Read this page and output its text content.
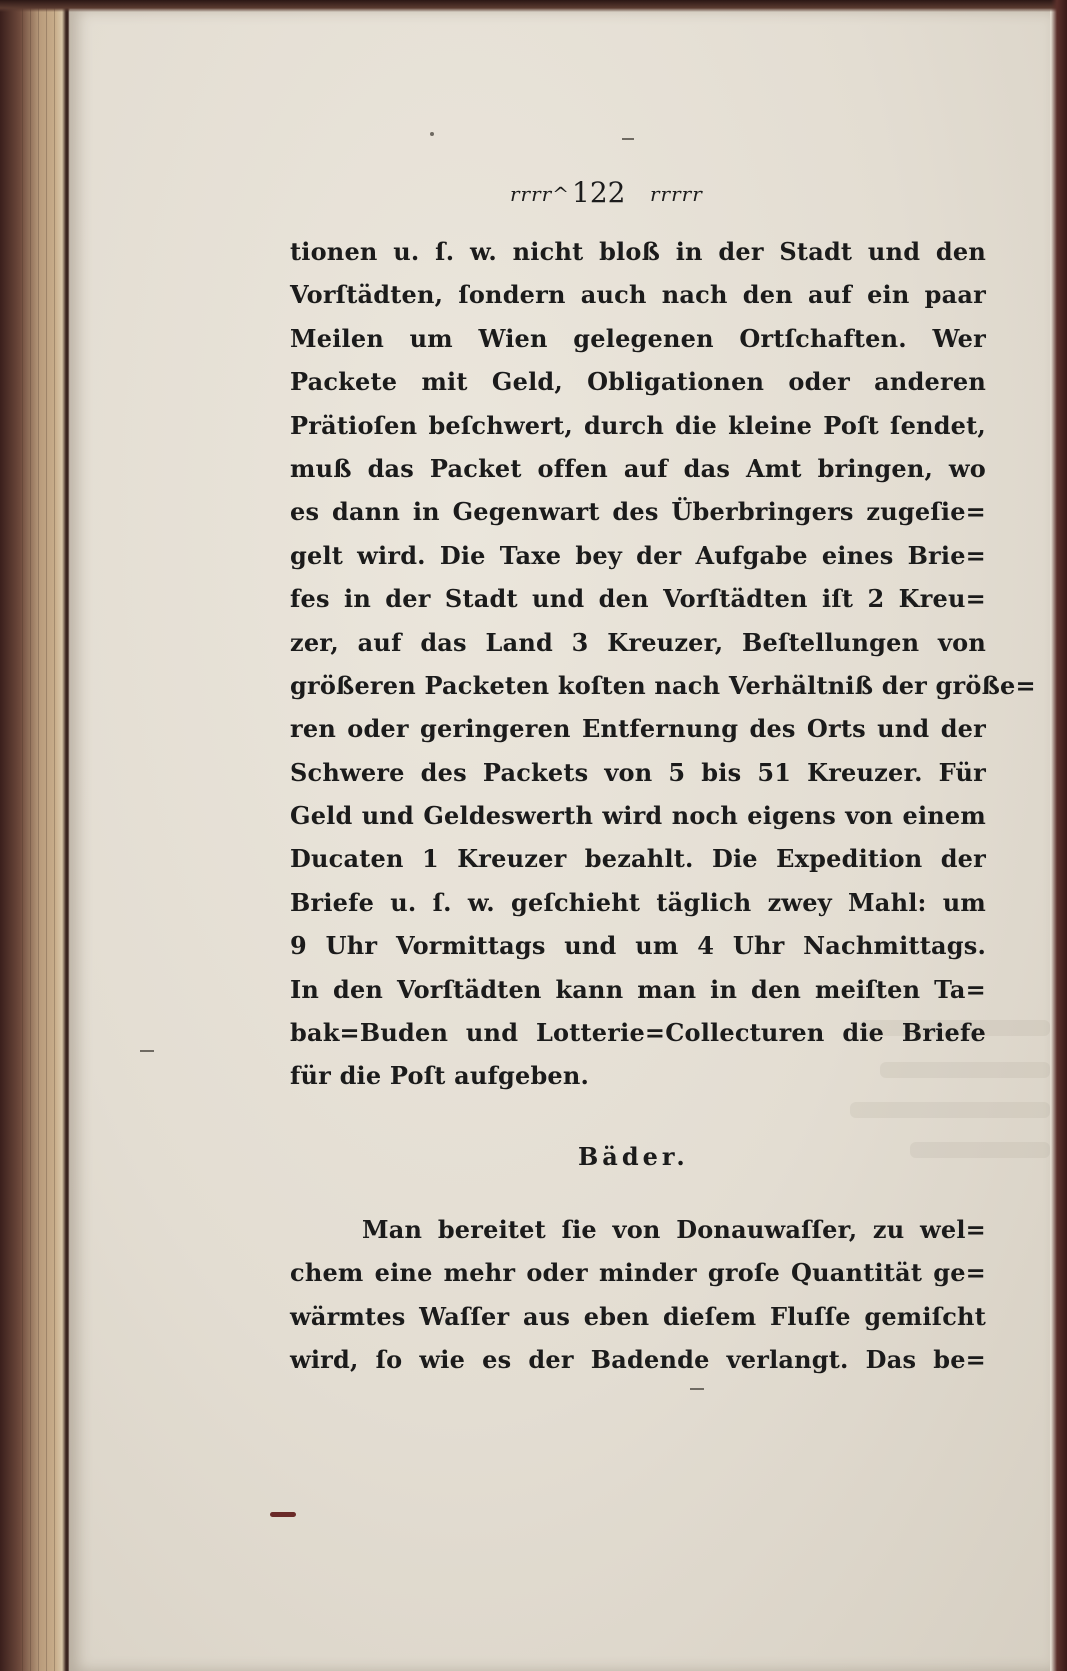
rrrr^ 122 rrrrr
tionen u. ſ. w. nicht bloß in der Stadt und den
Vorſtädten, ſondern auch nach den auf ein paar
Meilen um Wien gelegenen Ortſchaften. Wer
Packete mit Geld, Obligationen oder anderen
Prätioſen beſchwert, durch die kleine Poſt ſendet,
muß das Packet offen auf das Amt bringen, wo
es dann in Gegenwart des Überbringers zugeſie=
gelt wird. Die Taxe bey der Aufgabe eines Brie=
fes in der Stadt und den Vorſtädten iſt 2 Kreu=
zer, auf das Land 3 Kreuzer, Beſtellungen von
größeren Packeten koſten nach Verhältniß der größe=
ren oder geringeren Entfernung des Orts und der
Schwere des Packets von 5 bis 51 Kreuzer. Für
Geld und Geldeswerth wird noch eigens von einem
Ducaten 1 Kreuzer bezahlt. Die Expedition der
Briefe u. ſ. w. geſchieht täglich zwey Mahl: um
9 Uhr Vormittags und um 4 Uhr Nachmittags.
In den Vorſtädten kann man in den meiſten Ta=
bak=Buden und Lotterie=Collecturen die Briefe
für die Poſt aufgeben.
Bäder.
Man bereitet ſie von Donauwaſſer, zu wel=
chem eine mehr oder minder groſe Quantität ge=
wärmtes Waſſer aus eben dieſem Fluſſe gemiſcht
wird, ſo wie es der Badende verlangt. Das be=
